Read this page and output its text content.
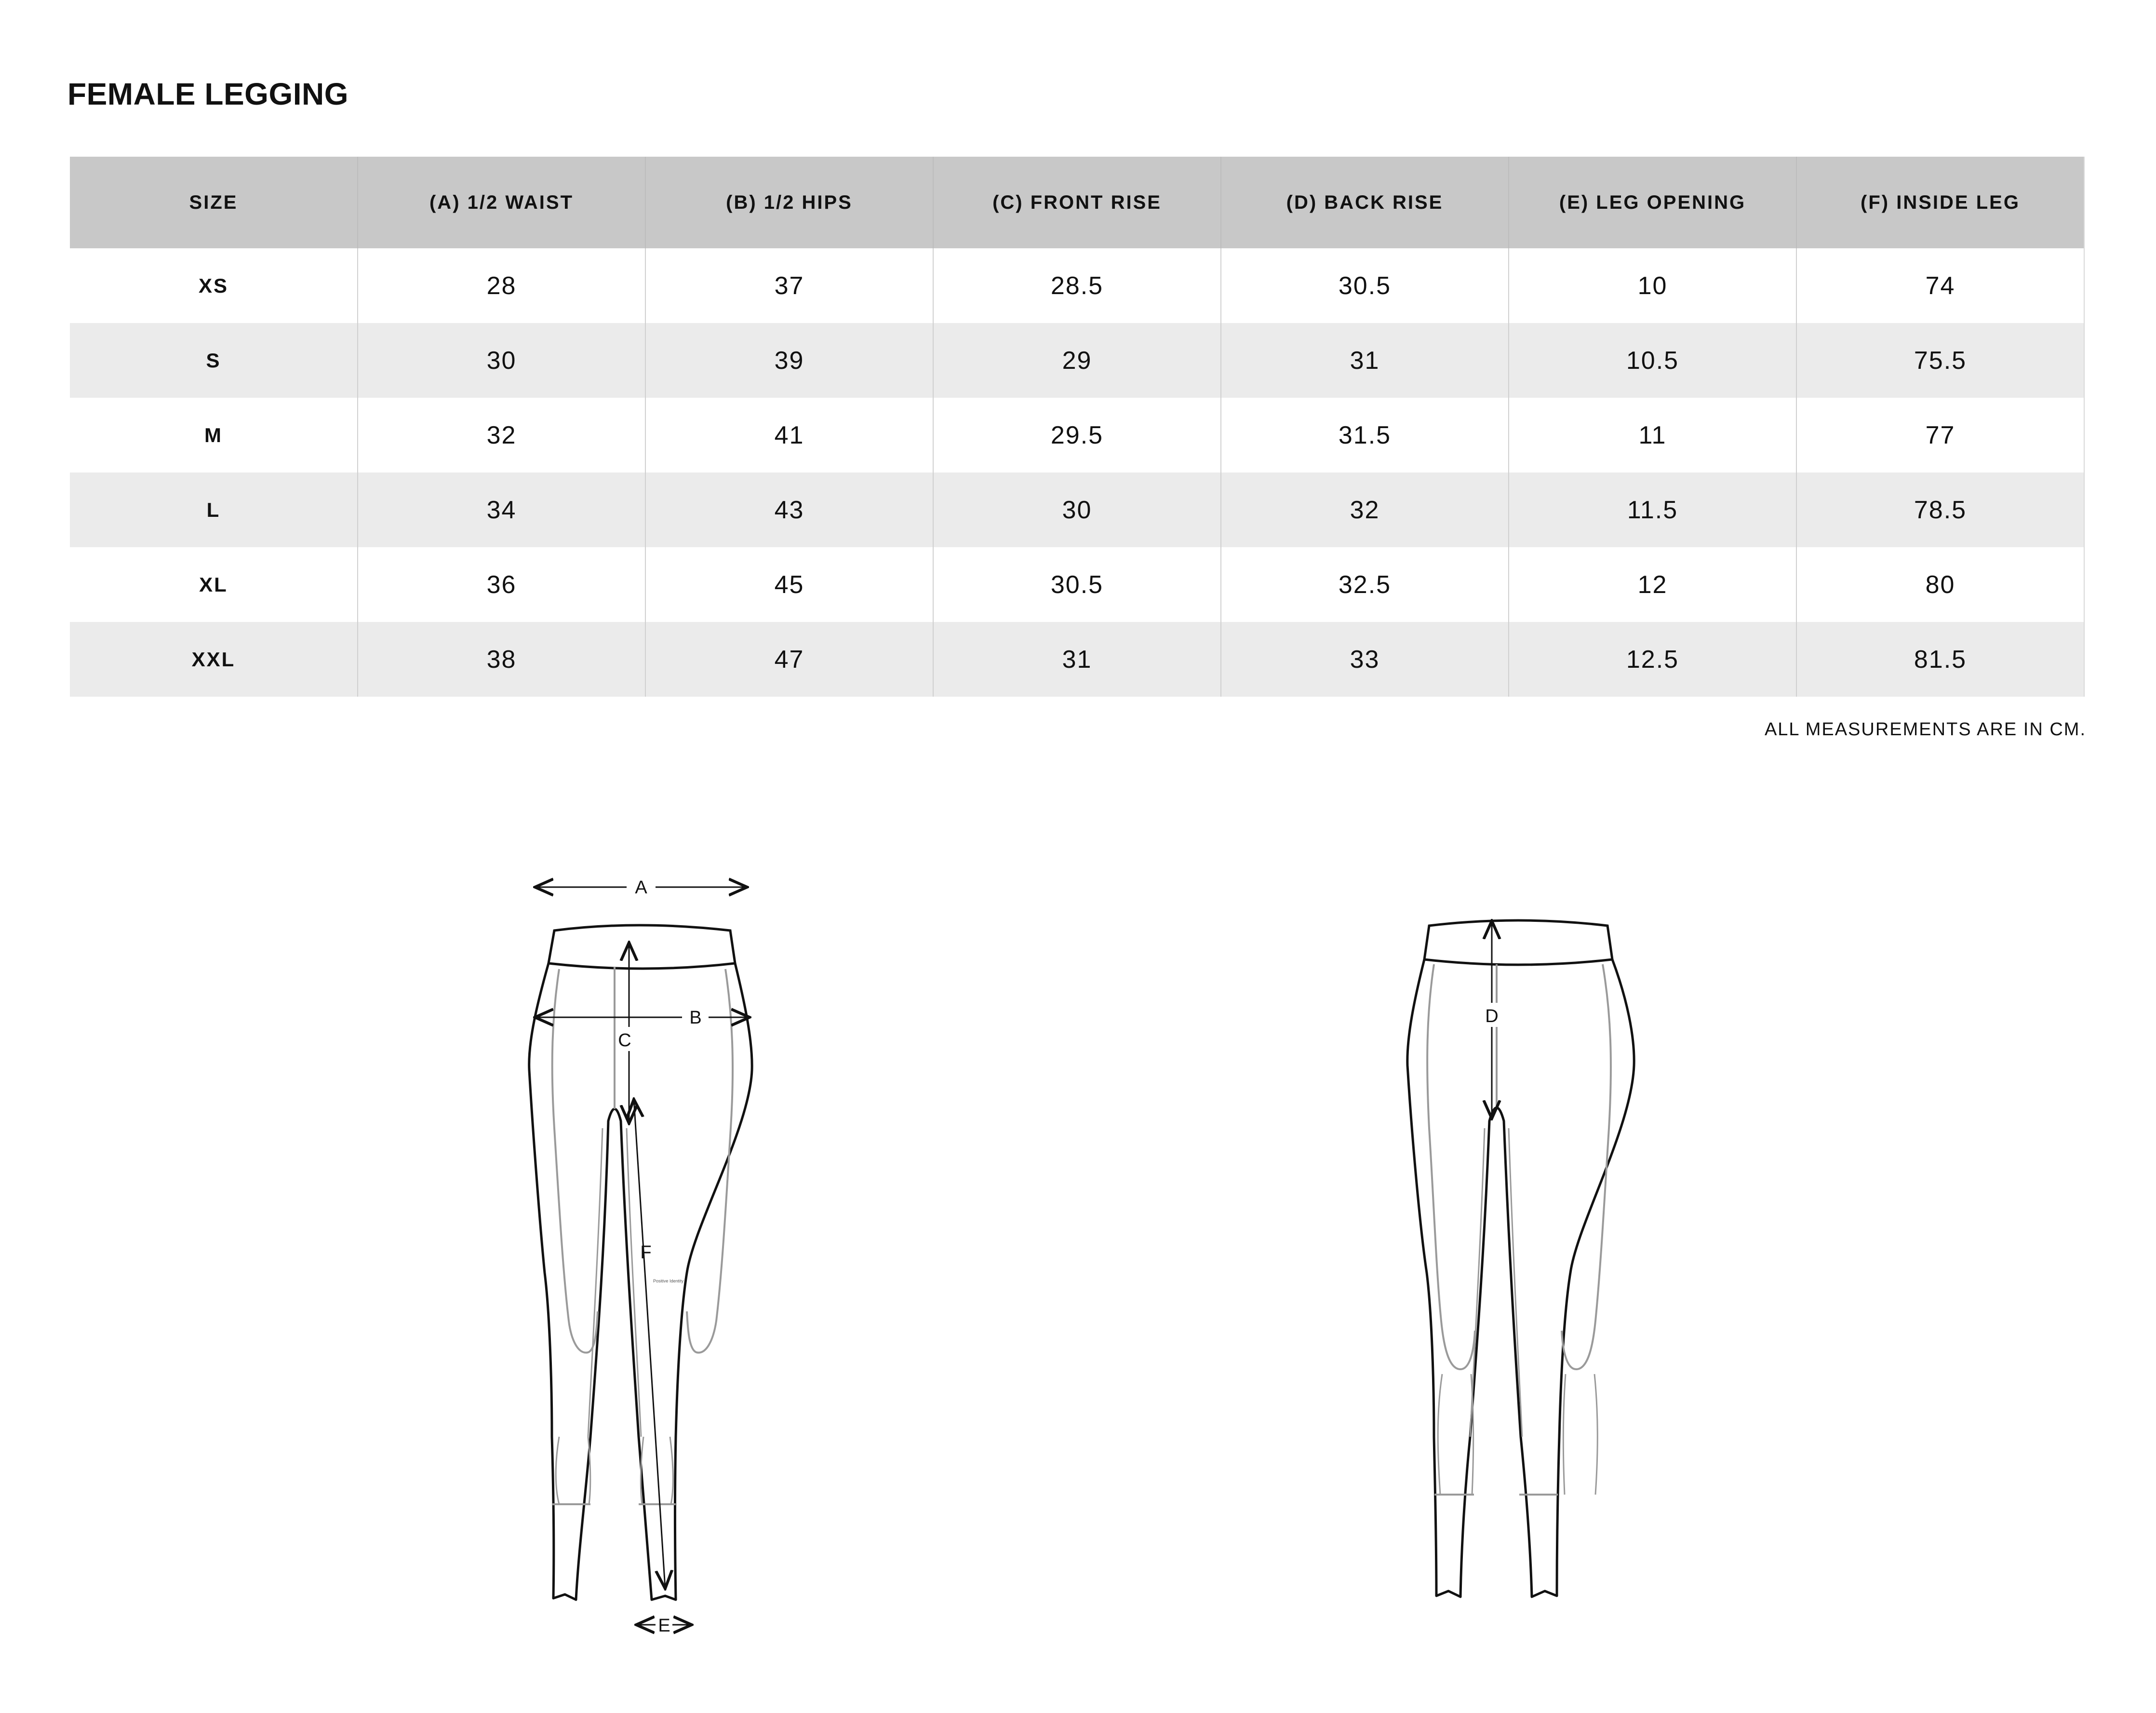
FEMALE LEGGING
SIZE	(A) 1/2 WAIST	(B) 1/2 HIPS	(C) FRONT RISE	(D) BACK RISE	(E) LEG OPENING	(F) INSIDE LEG
XS	28	37	28.5	30.5	10	74
S	30	39	29	31	10.5	75.5
M	32	41	29.5	31.5	11	77
L	34	43	30	32	11.5	78.5
XL	36	45	30.5	32.5	12	80
XXL	38	47	31	33	12.5	81.5
ALL MEASUREMENTS ARE IN CM.
A
B
C
F
Positive Identity
E
D
